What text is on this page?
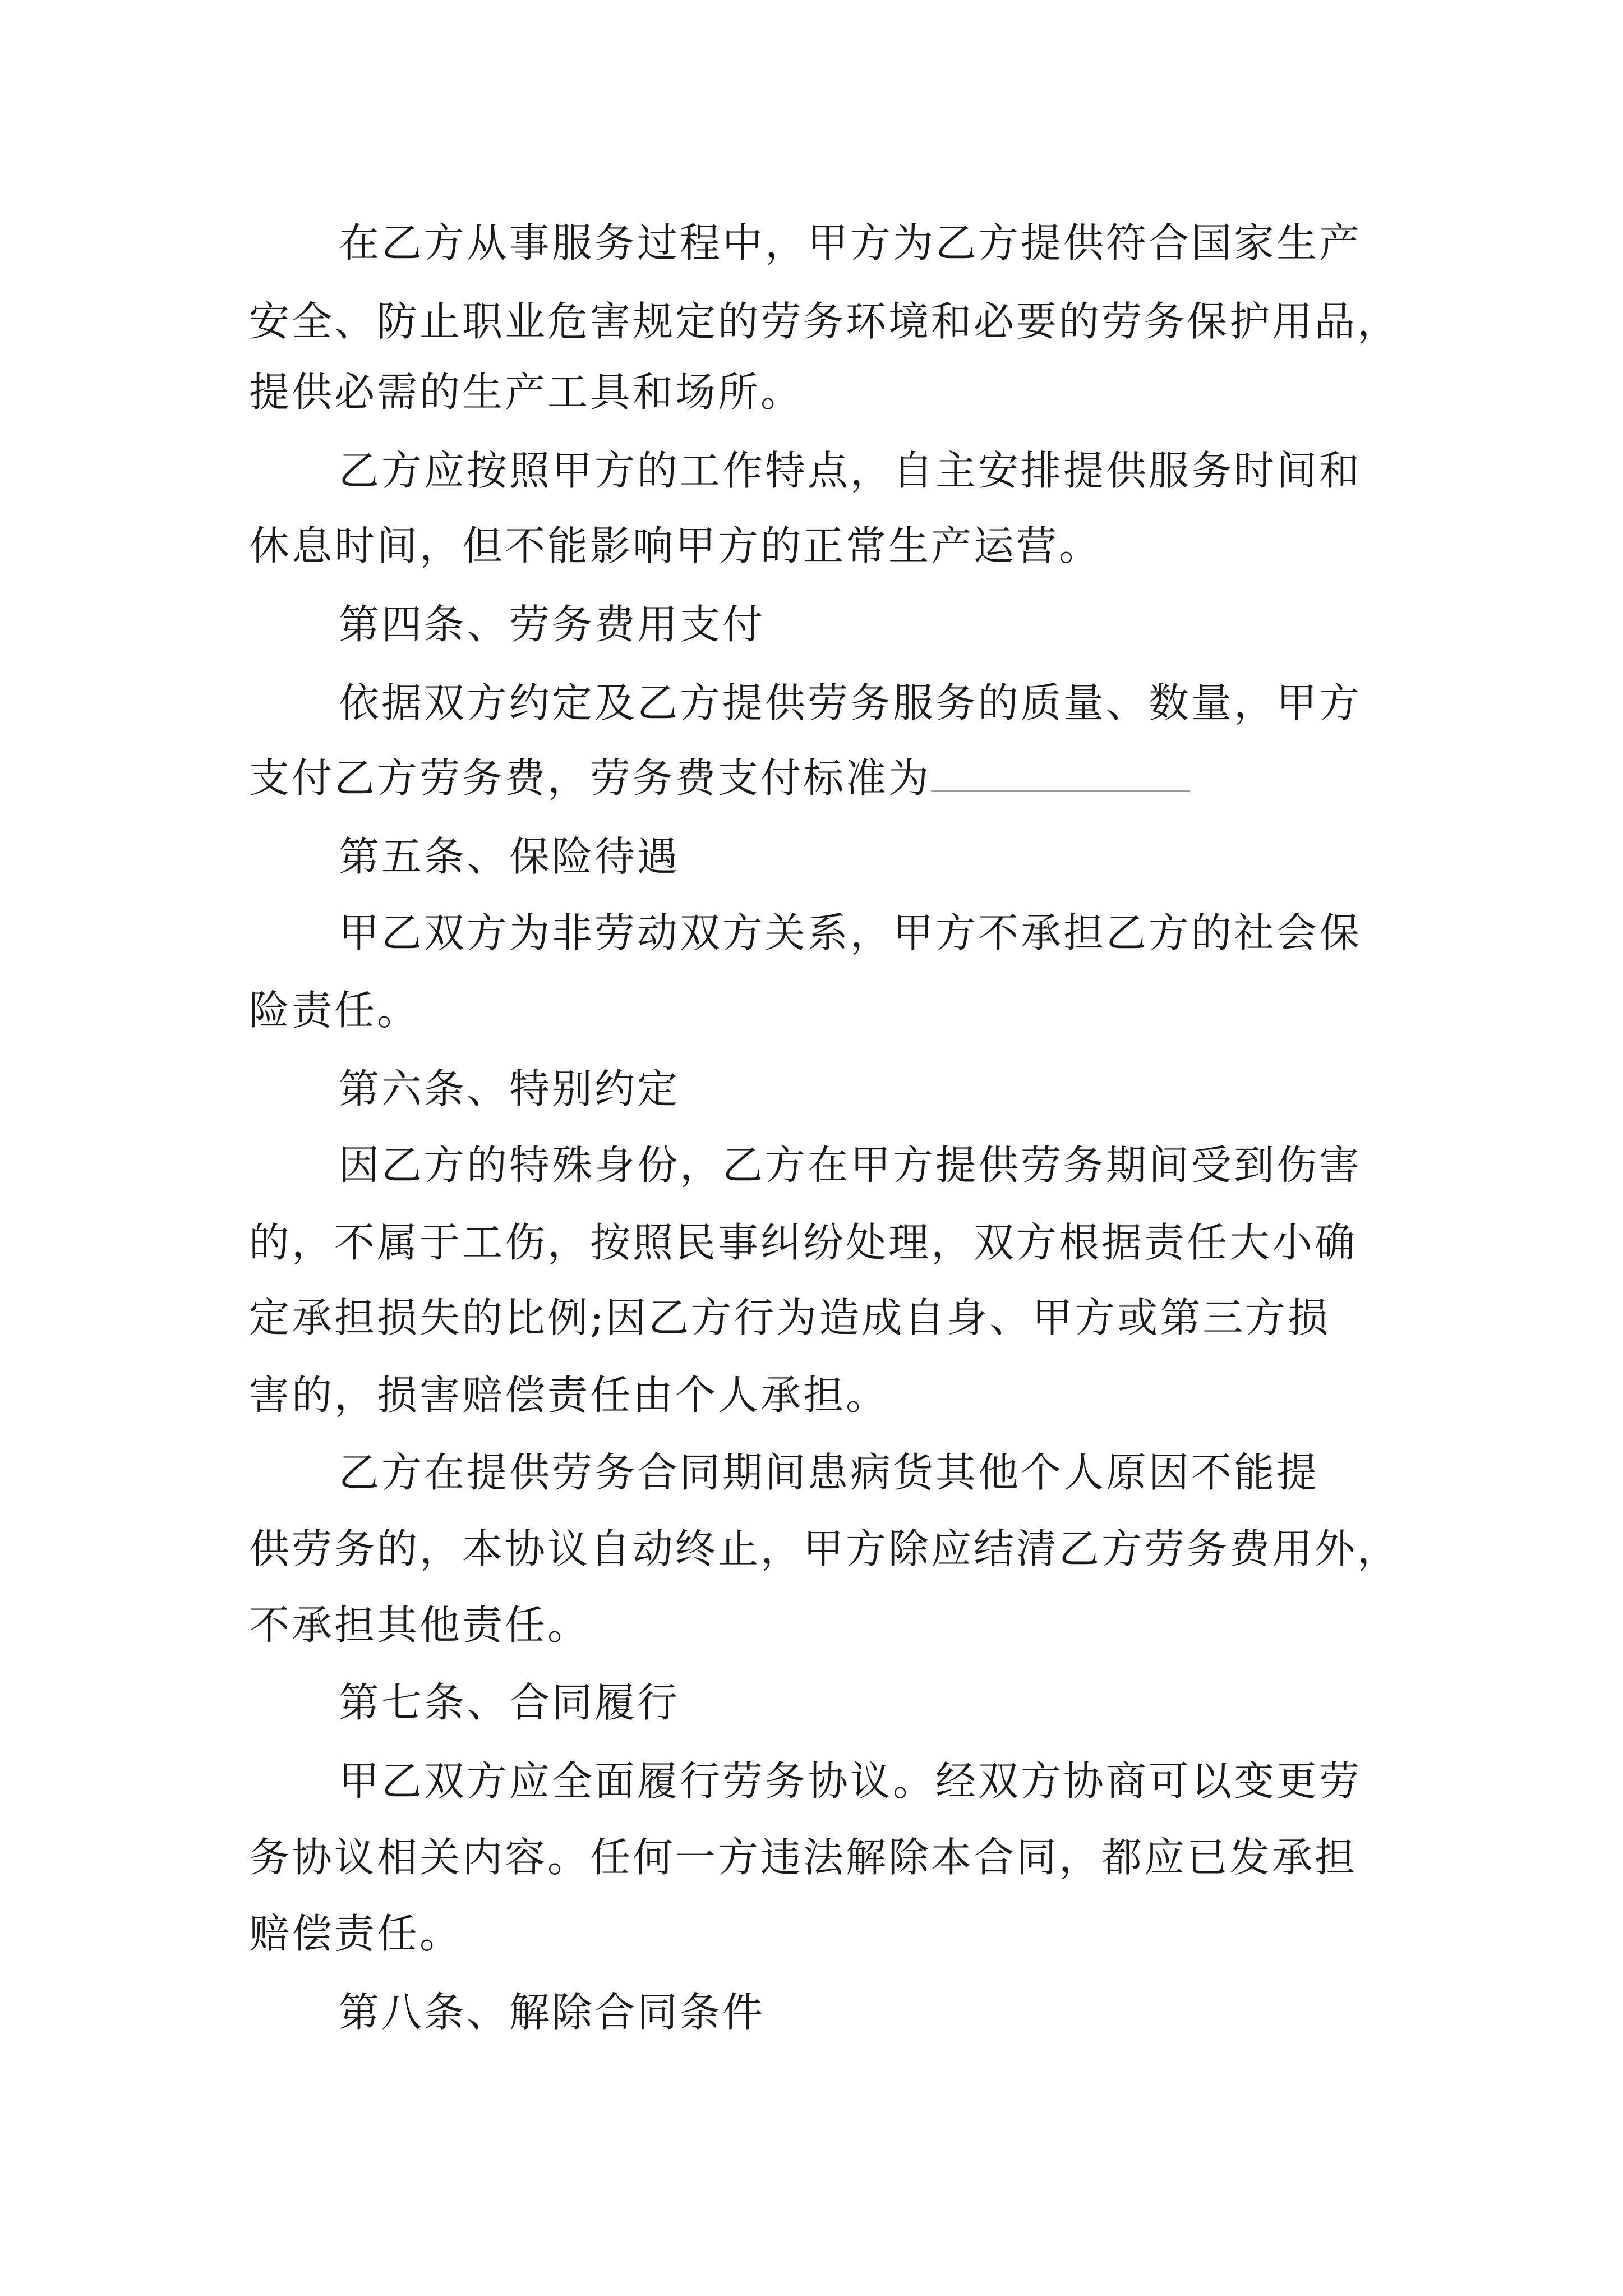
在乙方从事服务过程中，甲方为乙方提供符合国家生产

安全、防止职业危害规定的劳务环境和必要的劳务保护用品，

提供必需的生产工具和场所。

乙方应按照甲方的工作特点，自主安排提供服务时间和

休息时间，但不能影响甲方的正常生产运营。

第四条、劳务费用支付

依据双方约定及乙方提供劳务服务的质量、数量，甲方

支付乙方劳务费，劳务费支付标准为

第五条、保险待遇

甲乙双方为非劳动双方关系，甲方不承担乙方的社会保

险责任。

第六条、特别约定

因乙方的特殊身份，乙方在甲方提供劳务期间受到伤害

的，不属于工伤，按照民事纠纷处理，双方根据责任大小确

定承担损失的比例;因乙方行为造成自身、甲方或第三方损

害的，损害赔偿责任由个人承担。

乙方在提供劳务合同期间患病货其他个人原因不能提

供劳务的，本协议自动终止，甲方除应结清乙方劳务费用外，

不承担其他责任。

第七条、合同履行

甲乙双方应全面履行劳务协议。经双方协商可以变更劳

务协议相关内容。任何一方违法解除本合同，都应已发承担

赔偿责任。

第八条、解除合同条件
